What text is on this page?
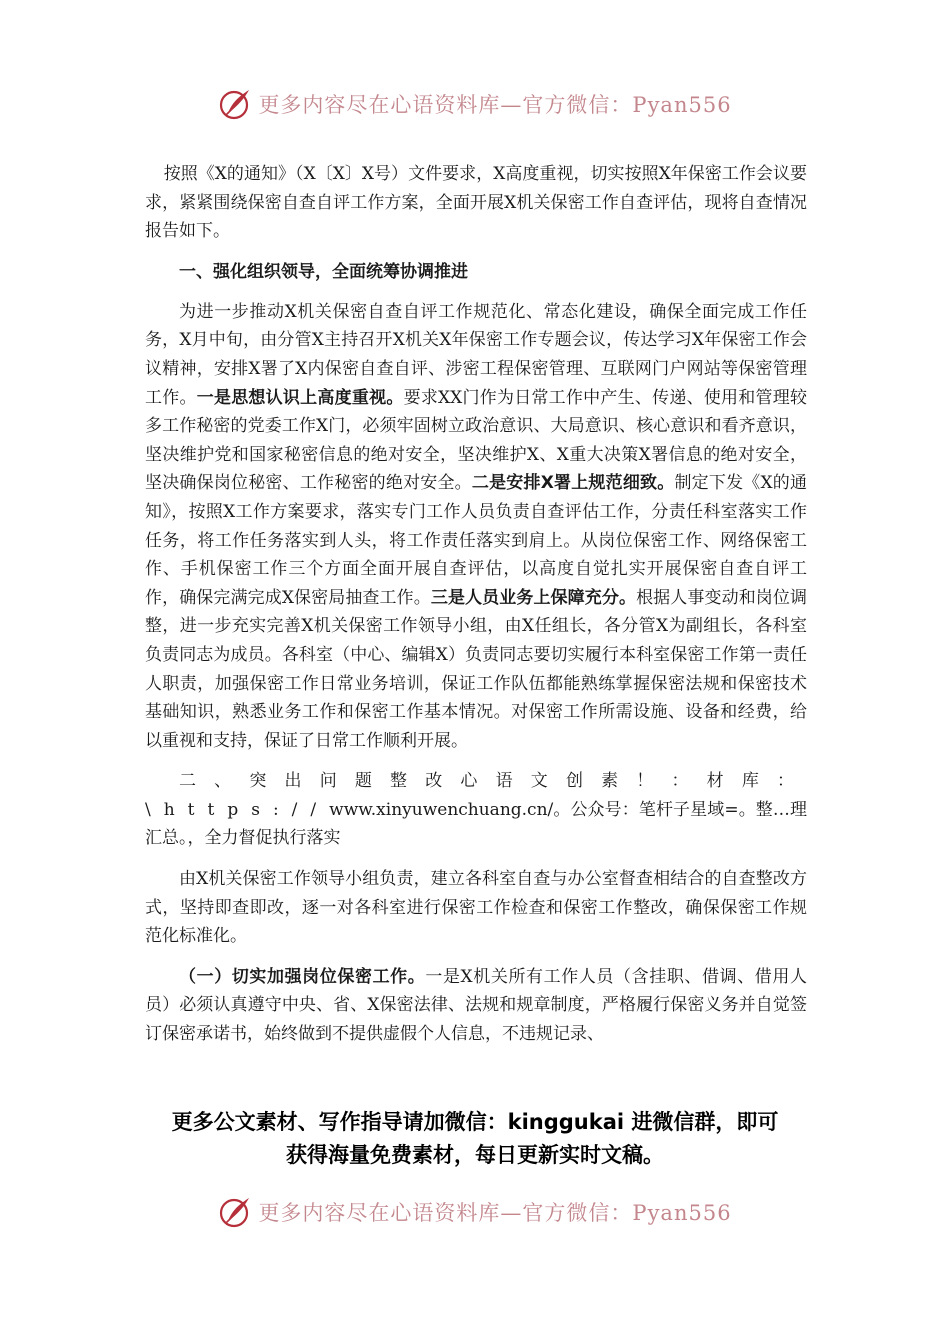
更多内容尽在心语资料库—官方微信：Pyan556

按照《X的通知》（X〔X〕X号）文件要求，X高度重视，切实按照X年保密工作会议要求，紧紧围绕保密自查自评工作方案，全面开展X机关保密工作自查评估，现将自查情况报告如下。

一、强化组织领导，全面统筹协调推进

为进一步推动X机关保密自查自评工作规范化、常态化建设，确保全面完成工作任务，X月中旬，由分管X主持召开X机关X年保密工作专题会议，传达学习X年保密工作会议精神，安排X署了X内保密自查自评、涉密工程保密管理、互联网门户网站等保密管理工作。一是思想认识上高度重视。要求XX门作为日常工作中产生、传递、使用和管理较多工作秘密的党委工作X门，必须牢固树立政治意识、大局意识、核心意识和看齐意识，坚决维护党和国家秘密信息的绝对安全，坚决维护X、X重大决策X署信息的绝对安全，坚决确保岗位秘密、工作秘密的绝对安全。二是安排X署上规范细致。制定下发《X的通知》，按照X工作方案要求，落实专门工作人员负责自查评估工作，分责任科室落实工作任务，将工作任务落实到人头，将工作责任落实到肩上。从岗位保密工作、网络保密工作、手机保密工作三个方面全面开展自查评估，以高度自觉扎实开展保密自查自评工作，确保完满完成X保密局抽查工作。三是人员业务上保障充分。根据人事变动和岗位调整，进一步充实完善X机关保密工作领导小组，由X任组长，各分管X为副组长，各科室负责同志为成员。各科室（中心、编辑X）负责同志要切实履行本科室保密工作第一责任人职责，加强保密工作日常业务培训，保证工作队伍都能熟练掌握保密法规和保密技术基础知识，熟悉业务工作和保密工作基本情况。对保密工作所需设施、设备和经费，给以重视和支持，保证了日常工作顺利开展。

二、突出问题整改心语文创素！：材库：\https://www.xinyuwenchuang.cn/。公众号：笔杆子星域=。整…理汇总。，全力督促执行落实

由X机关保密工作领导小组负责，建立各科室自查与办公室督查相结合的自查整改方式，坚持即查即改，逐一对各科室进行保密工作检查和保密工作整改，确保保密工作规范化标准化。

（一）切实加强岗位保密工作。一是X机关所有工作人员（含挂职、借调、借用人员）必须认真遵守中央、省、X保密法律、法规和规章制度，严格履行保密义务并自觉签订保密承诺书，始终做到不提供虚假个人信息，不违规记录、

更多公文素材、写作指导请加微信：kinggukai 进微信群，即可
获得海量免费素材，每日更新实时文稿。
更多内容尽在心语资料库—官方微信：Pyan556
